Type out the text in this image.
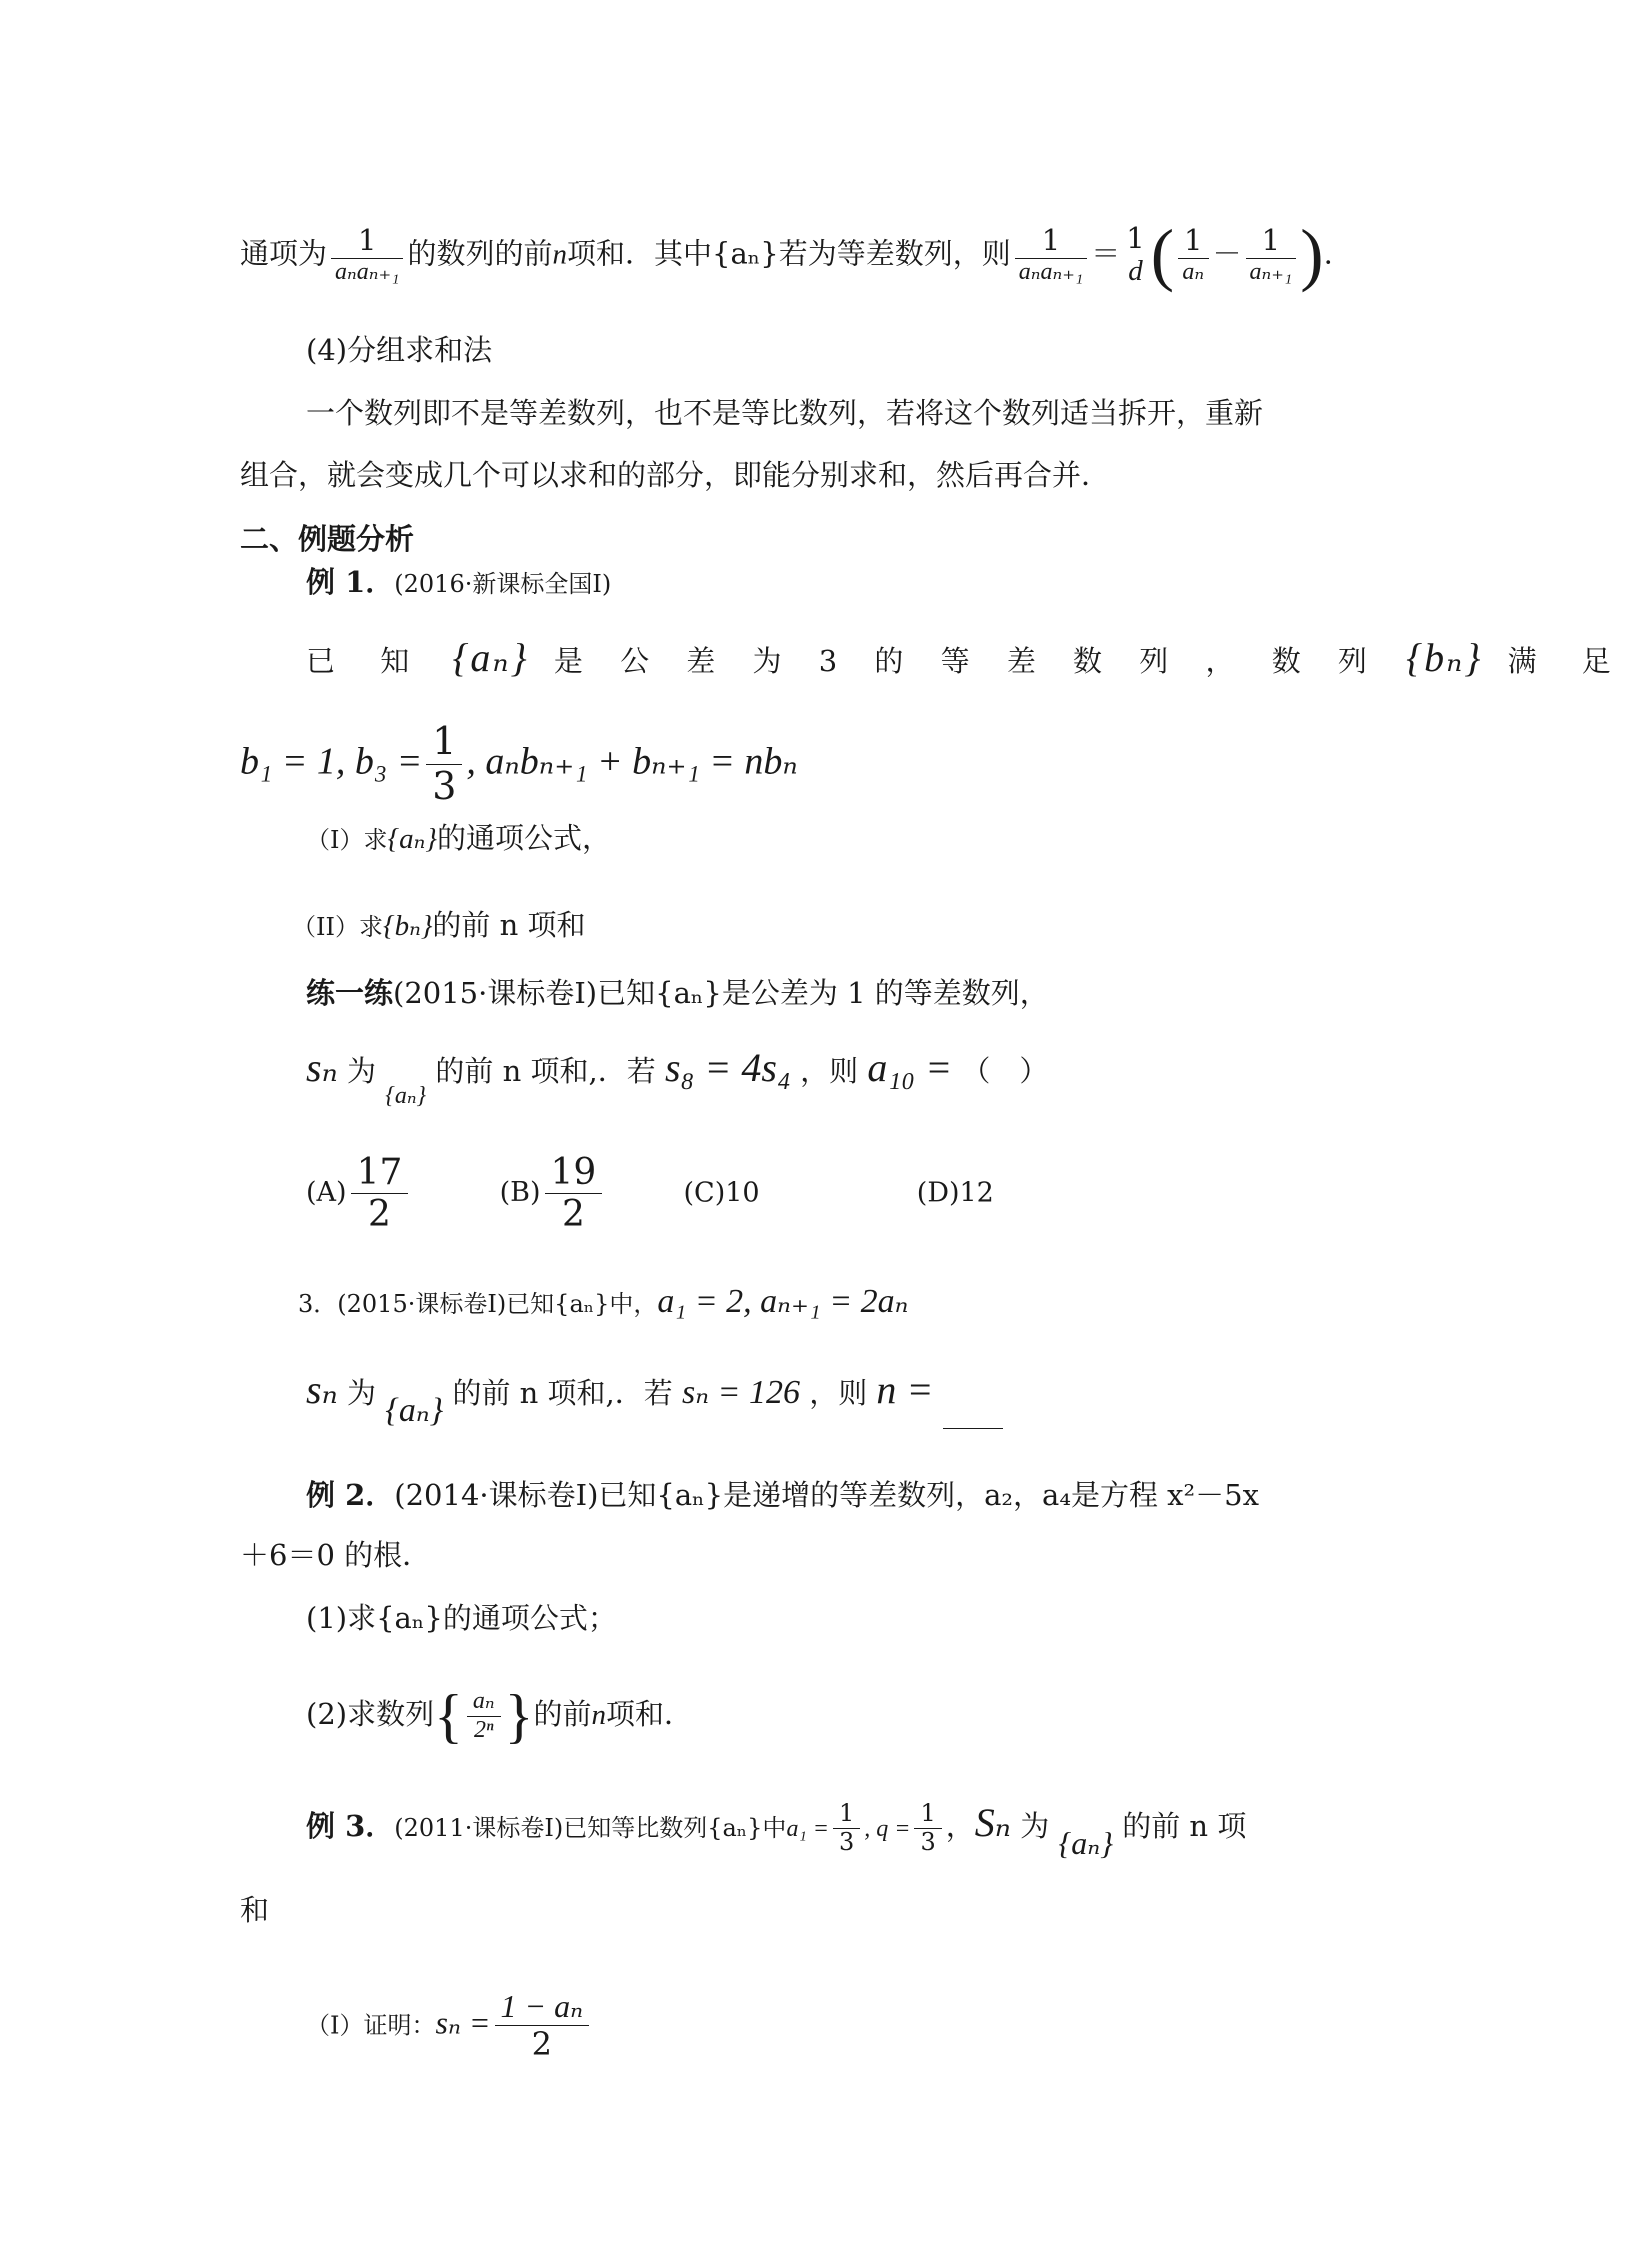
通项为 $\frac{1}{\text{aₙaₙ₊₁}}$ 的数列的前n项和．其中{aₙ}若为等差数列，则 $\frac{1}{\text{aₙaₙ₊₁}} = 1$
d ( $\frac{1}{\text{aₙ}} - \frac{1}{\text{aₙ₊₁}}$ ).
(4)分组求和法
一个数列即不是等差数列，也不是等比数列，若将这个数列适当拆开，重新
组合，就会变成几个可以求和的部分，即能分别求和，然后再合并．
二、例题分析
例 1．(2016·新课标全国Ⅰ)
已 知 {aₙ} 是 公 差 为 3 的 等 差 数 列 ， 数 列 {bₙ} 满 足
b₁ = 1, $b_3 = \frac{1}{3}$ , aₙbₙ₊₁ + bₙ₊₁ = nbₙ
（I）求{aₙ}的通项公式，
（II）求{bₙ}的前 n 项和
练一练(2015·课标卷Ⅰ)已知{aₙ}是公差为 1 的等差数列，
sₙ 为 $_{\{a_n\}}$ 的前 n 项和,．若 s₈ = 4s₄ ，则 a₁₀ = （　）
$(A) \frac{17}{2}$	$(B) \frac{19}{2}$	(C)10	(D)12
3．(2015·课标卷Ⅰ)已知{aₙ}中，a₁ = 2, aₙ₊₁ = 2aₙ
sₙ 为 {aₙ} 的前 n 项和,．若 sₙ = 126 ，则 n =
例 2．(2014·课标卷Ⅰ)已知{aₙ}是递增的等差数列，a₂，a₄是方程 x²－5x
＋6＝0 的根．
(1)求{aₙ}的通项公式；
(2)求数列{ $\frac{\text{aₙ}}{\text{2ⁿ}}$ }的前n项和．
例 3．(2011·课标卷Ⅰ)已知等比数列{aₙ}中$a_1 = \frac{1}{3}$ , $q = \frac{1}{3}$ ，Sₙ 为 {aₙ} 的前 n 项
和
（I）证明：$s_n = \frac{\text{1 − aₙ}}{2}$
